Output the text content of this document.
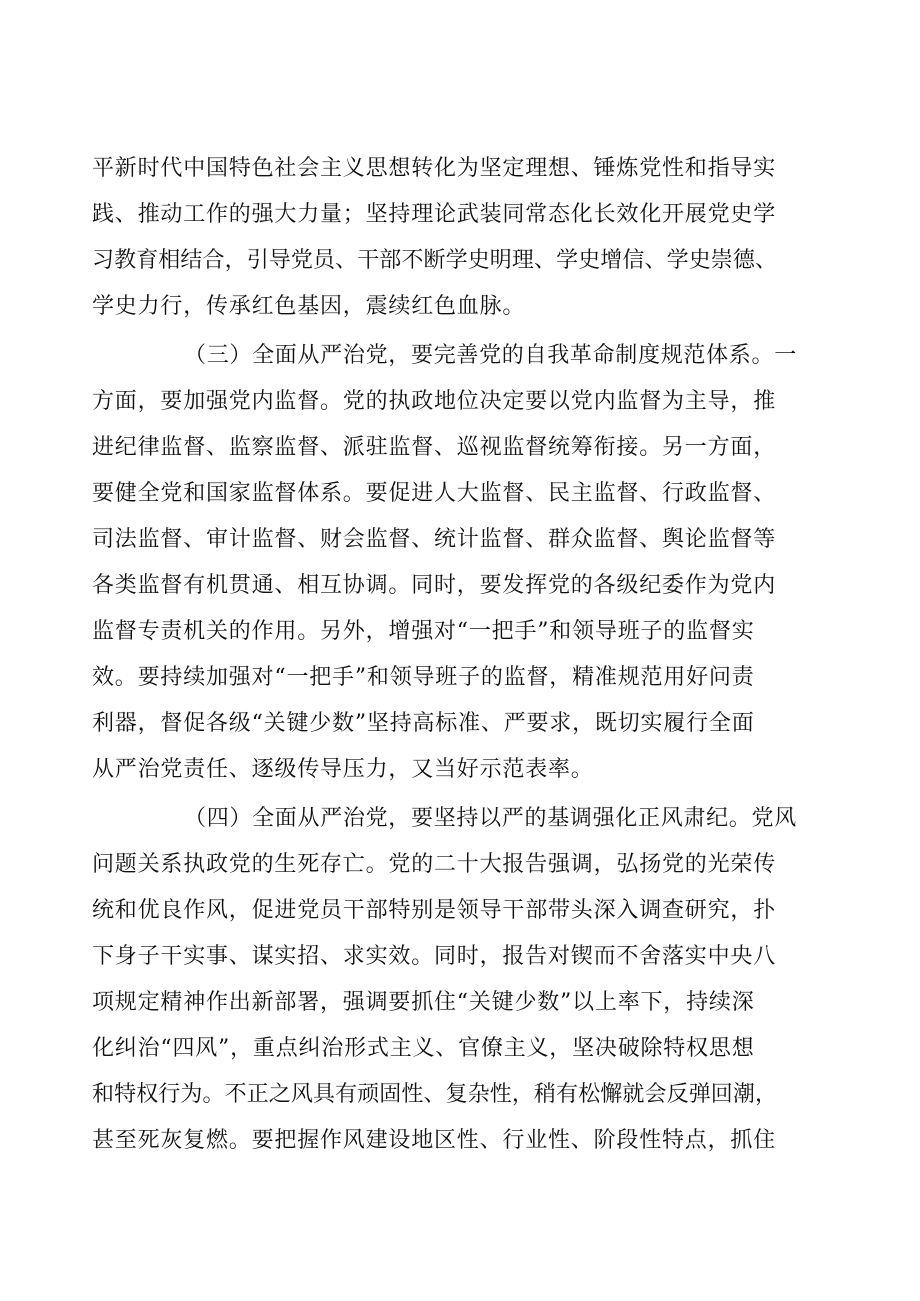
平新时代中国特色社会主义思想转化为坚定理想、锤炼党性和指导实
践、推动工作的强大力量；坚持理论武装同常态化长效化开展党史学
习教育相结合，引导党员、干部不断学史明理、学史增信、学史崇德、
学史力行，传承红色基因，震续红色血脉。
（三）全面从严治党，要完善党的自我革命制度规范体系。一
方面，要加强党内监督。党的执政地位决定要以党内监督为主导，推
进纪律监督、监察监督、派驻监督、巡视监督统筹衔接。另一方面，
要健全党和国家监督体系。要促进人大监督、民主监督、行政监督、
司法监督、审计监督、财会监督、统计监督、群众监督、舆论监督等
各类监督有机贯通、相互协调。同时，要发挥党的各级纪委作为党内
监督专责机关的作用。另外，增强对“一把手”和领导班子的监督实
效。要持续加强对“一把手”和领导班子的监督，精准规范用好问责
利器，督促各级“关键少数”坚持高标准、严要求，既切实履行全面
从严治党责任、逐级传导压力，又当好示范表率。
（四）全面从严治党，要坚持以严的基调强化正风肃纪。党风
问题关系执政党的生死存亡。党的二十大报告强调，弘扬党的光荣传
统和优良作风，促进党员干部特别是领导干部带头深入调查研究，扑
下身子干实事、谋实招、求实效。同时，报告对锲而不舍落实中央八
项规定精神作出新部署，强调要抓住“关键少数”以上率下，持续深
化纠治“四风”，重点纠治形式主义、官僚主义，坚决破除特权思想
和特权行为。不正之风具有顽固性、复杂性，稍有松懈就会反弹回潮，
甚至死灰复燃。要把握作风建设地区性、行业性、阶段性特点，抓住
